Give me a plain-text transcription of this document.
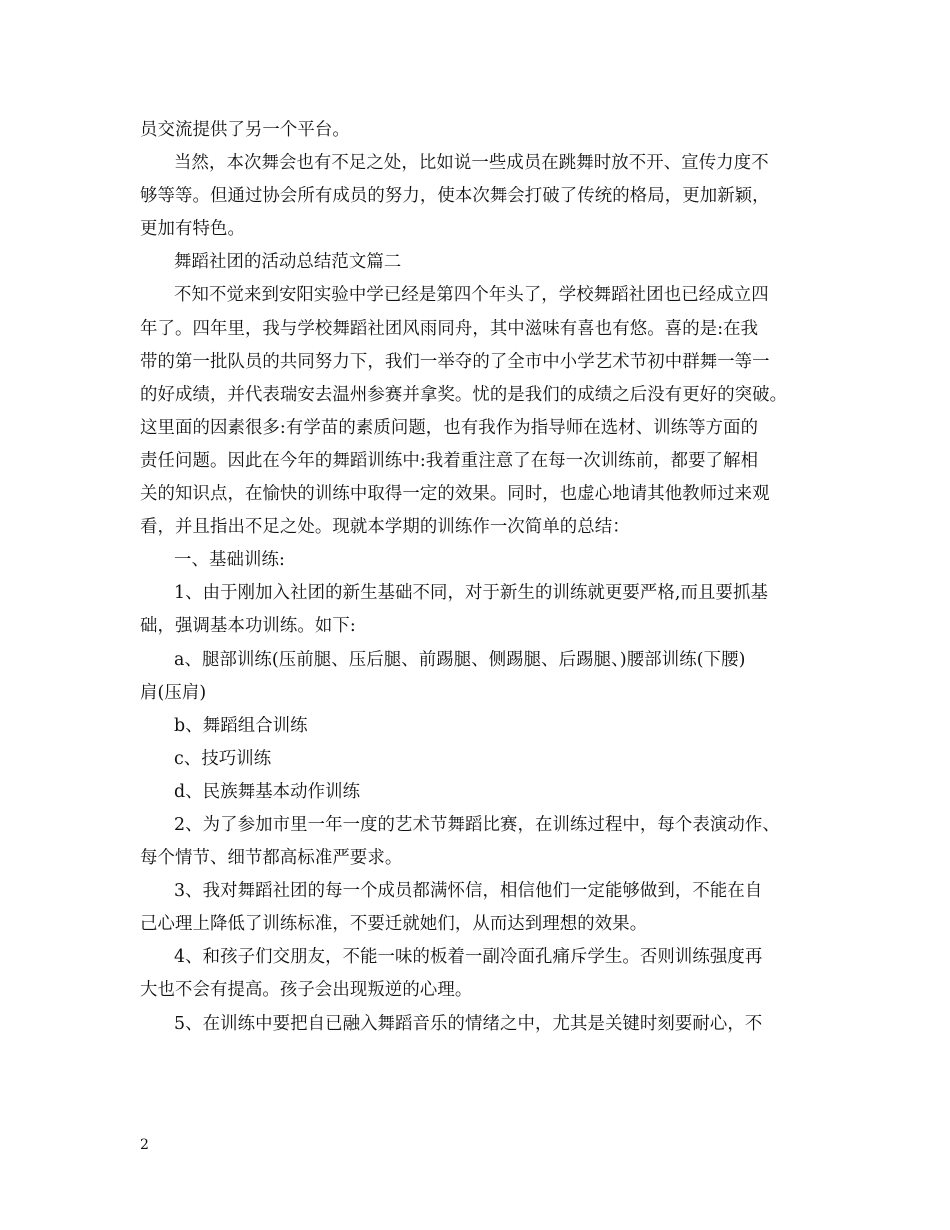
员交流提供了另一个平台。
当然，本次舞会也有不足之处，比如说一些成员在跳舞时放不开、宣传力度不
够等等。但通过协会所有成员的努力，使本次舞会打破了传统的格局，更加新颖，
更加有特色。
舞蹈社团的活动总结范文篇二
不知不觉来到安阳实验中学已经是第四个年头了，学校舞蹈社团也已经成立四
年了。四年里，我与学校舞蹈社团风雨同舟，其中滋味有喜也有悠。喜的是:在我
带的第一批队员的共同努力下，我们一举夺的了全市中小学艺术节初中群舞一等一
的好成绩，并代表瑞安去温州参赛并拿奖。忧的是我们的成绩之后没有更好的突破。
这里面的因素很多:有学苗的素质问题，也有我作为指导师在选材、训练等方面的
责任问题。因此在今年的舞蹈训练中:我着重注意了在每一次训练前，都要了解相
关的知识点，在愉快的训练中取得一定的效果。同时，也虚心地请其他教师过来观
看，并且指出不足之处。现就本学期的训练作一次简单的总结：
一、基础训练:
1、由于刚加入社团的新生基础不同，对于新生的训练就更要严格,而且要抓基
础，强调基本功训练。如下:
a、腿部训练(压前腿、压后腿、前踢腿、侧踢腿、后踢腿、)腰部训练(下腰)
肩(压肩)
b、舞蹈组合训练
c、技巧训练
d、民族舞基本动作训练
2、为了参加市里一年一度的艺术节舞蹈比赛，在训练过程中，每个表演动作、
每个情节、细节都高标准严要求。
3、我对舞蹈社团的每一个成员都满怀信，相信他们一定能够做到，不能在自
己心理上降低了训练标准，不要迁就她们，从而达到理想的效果。
4、和孩子们交朋友，不能一味的板着一副冷面孔痛斥学生。否则训练强度再
大也不会有提高。孩子会出现叛逆的心理。
5、在训练中要把自已融入舞蹈音乐的情绪之中，尤其是关键时刻要耐心，不
2
